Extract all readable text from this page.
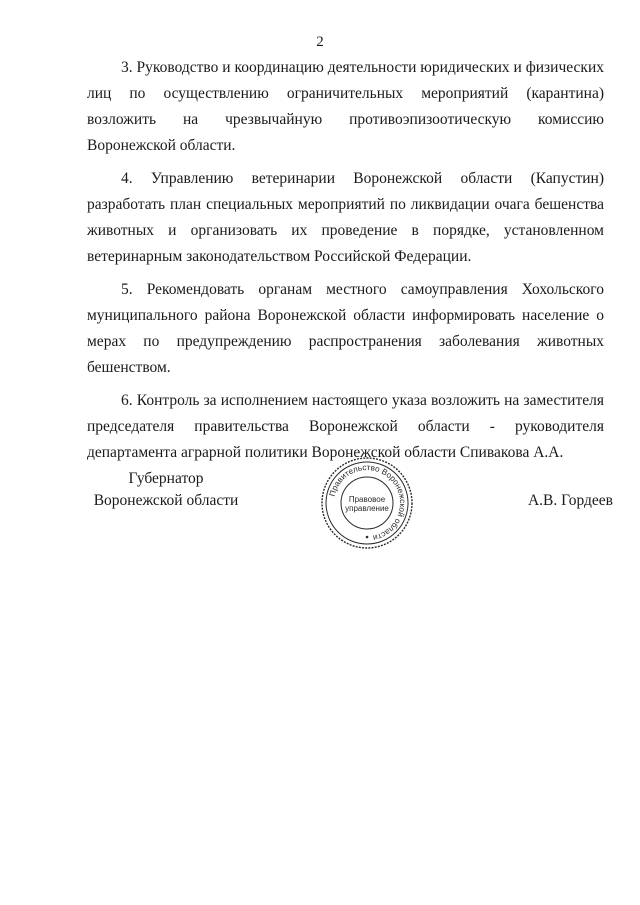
2

3. Руководство и координацию деятельности юридических и физических лиц по осуществлению ограничительных мероприятий (карантина) возложить на чрезвычайную противоэпизоотическую комиссию Воронежской области.

4. Управлению ветеринарии Воронежской области (Капустин) разработать план специальных мероприятий по ликвидации очага бешенства животных и организовать их проведение в порядке, установленном ветеринарным законодательством Российской Федерации.

5. Рекомендовать органам местного самоуправления Хохольского муниципального района Воронежской области информировать население о мерах по предупреждению распространения заболевания животных бешенством.

6. Контроль за исполнением настоящего указа возложить на заместителя председателя правительства Воронежской области - руководителя департамента аграрной политики Воронежской области Спивакова А.А.

Губернатор
Воронежской области	Правительство Воронежской области
Правовое
управление	А.В. Гордеев
